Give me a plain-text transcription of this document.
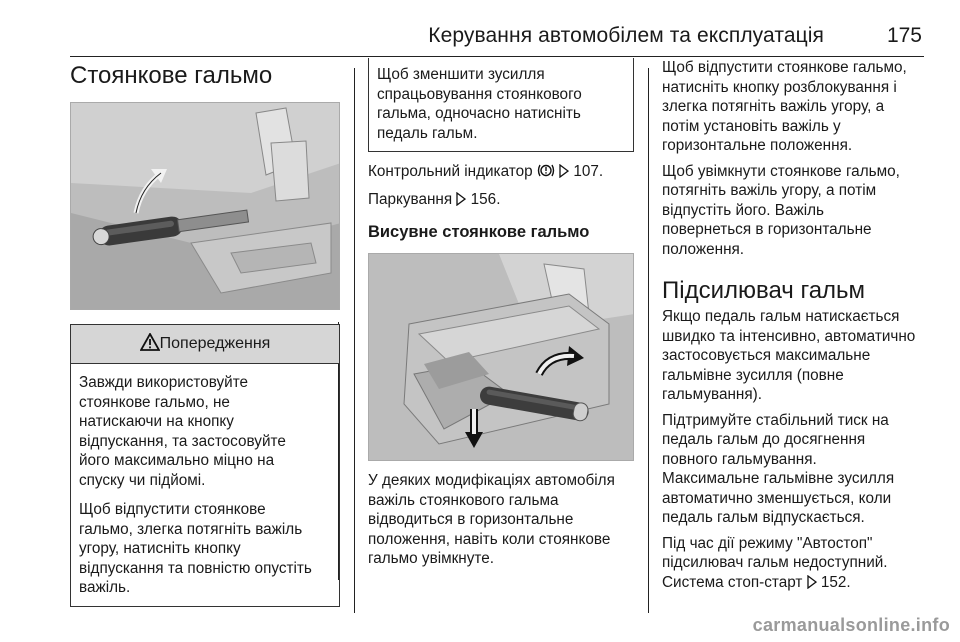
Керування автомобілем та експлуатація	175
Стоянкове гальмо
Попередження

Завжди використовуйте
стоянкове гальмо, не
натискаючи на кнопку
відпускання, та застосовуйте
його максимально міцно на
спуску чи підйомі.

Щоб відпустити стоянкове
гальмо, злегка потягніть важіль
угору, натисніть кнопку
відпускання та повністю опустіть
важіль.

Щоб зменшити зусилля
спрацьовування стоянкового
гальма, одночасно натисніть
педаль гальм.

Контрольний індикатор	107.

Паркування 156.

Висувне стоянкове гальмо

У деяких модифікаціях автомобіля
важіль стоянкового гальма
відводиться в горизонтальне
положення, навіть коли стоянкове
гальмо увімкнуте.

Щоб відпустити стоянкове гальмо,
натисніть кнопку розблокування і
злегка потягніть важіль угору, а
потім установіть важіль у
горизонтальне положення.

Щоб увімкнути стоянкове гальмо,
потягніть важіль угору, а потім
відпустіть його. Важіль
повернеться в горизонтальне
положення.

Підсилювач гальм

Якщо педаль гальм натискається
швидко та інтенсивно, автоматично
застосовується максимальне
гальмівне зусилля (повне
гальмування).

Підтримуйте стабільний тиск на
педаль гальм до досягнення
повного гальмування.
Максимальне гальмівне зусилля
автоматично зменшується, коли
педаль гальм відпускається.

Під час дії режиму "Автостоп"
підсилювач гальм недоступний.
Система стоп-старт 152.

carmanualsonline.info
